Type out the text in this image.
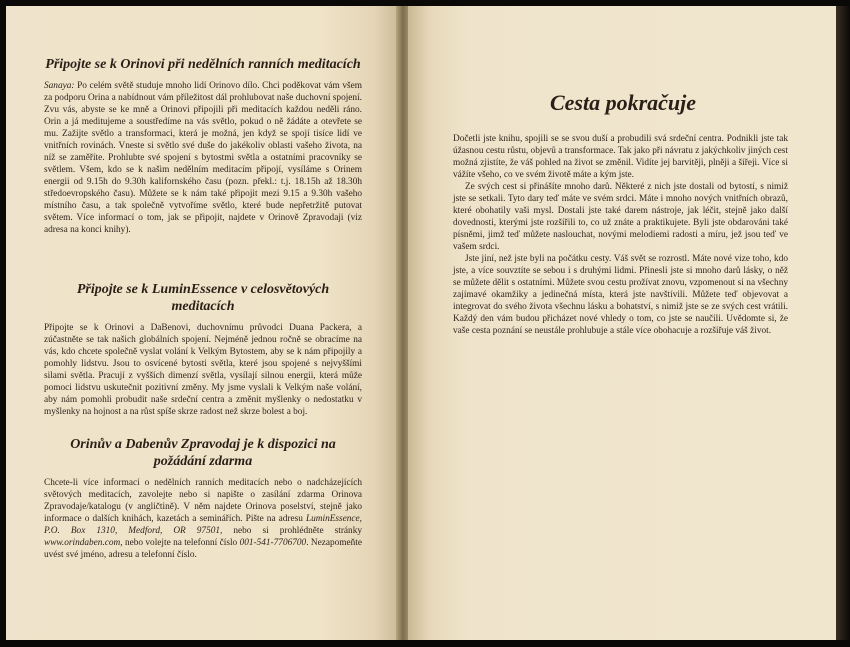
Připojte se k Orinovi při nedělních ranních meditacích

Sanaya: Po celém světě studuje mnoho lidí Orinovo dílo. Chci poděkovat vám všem za podporu Orina a nabídnout vám příležitost dál prohlubovat naše duchovní spojení. Zvu vás, abyste se ke mně a Orinovi připojili při meditacích každou neděli ráno. Orin a já meditujeme a soustředíme na vás světlo, pokud o ně žádáte a otevřete se mu. Zažijte světlo a transformaci, která je možná, jen když se spojí tisíce lidí ve vnitřních rovinách. Vneste si světlo své duše do jakékoliv oblasti vašeho života, na níž se zaměříte. Prohlubte své spojení s bytostmi světla a ostatními pracovníky se světlem. Všem, kdo se k našim nedělním meditacím připojí, vysíláme s Orinem energii od 9.15h do 9.30h kalifornského času (pozn. překl.: t.j. 18.15h až 18.30h středoevropského času). Můžete se k nám také připojit mezi 9.15 a 9.30h vašeho místního času, a tak společně vytvoříme světlo, které bude nepřetržitě putovat světem. Více informací o tom, jak se připojit, najdete v Orinově Zpravodaji (viz adresa na konci knihy).

Připojte se k LuminEssence v celosvětových meditacích

Připojte se k Orinovi a DaBenovi, duchovnímu průvodci Duana Packera, a zúčastněte se tak našich globálních spojení. Nejméně jednou ročně se obracíme na vás, kdo chcete společně vyslat volání k Velkým Bytostem, aby se k nám připojily a pomohly lidstvu. Jsou to osvícené bytosti světla, které jsou spojené s nejvyššími silami světla. Pracují z vyšších dimenzí světla, vysílají silnou energii, která může pomoci lidstvu uskutečnit pozitivní změny. My jsme vyslali k Velkým naše volání, aby nám pomohli probudit naše srdeční centra a změnit myšlenky o nedostatku v myšlenky na hojnost a na růst spíše skrze radost než skrze bolest a boj.

Orinův a Dabenův Zpravodaj je k dispozici na požádání zdarma

Chcete-li více informací o nedělních ranních meditacích nebo o nadcházejících světových meditacích, zavolejte nebo si napište o zasílání zdarma Orinova Zpravodaje/katalogu (v angličtině). V něm najdete Orinova poselství, stejně jako informace o dalších knihách, kazetách a seminářích. Pište na adresu LuminEssence, P.O. Box 1310, Medford, OR 97501, nebo si prohlédněte stránky www.orindaben.com, nebo volejte na telefonní číslo 001-541-7706700. Nezapomeňte uvést své jméno, adresu a telefonní číslo.

Cesta pokračuje

Dočetli jste knihu, spojili se se svou duší a probudili svá srdeční centra. Podnikli jste tak úžasnou cestu růstu, objevů a transformace. Tak jako při návratu z jakýchkoliv jiných cest možná zjistíte, že váš pohled na život se změnil. Vidíte jej barvitěji, plněji a šířeji. Více si vážíte všeho, co ve svém životě máte a kým jste.

Ze svých cest si přinášíte mnoho darů. Některé z nich jste dostali od bytostí, s nimiž jste se setkali. Tyto dary teď máte ve svém srdci. Máte i mnoho nových vnitřních obrazů, které obohatily vaši mysl. Dostali jste také darem nástroje, jak léčit, stejně jako další dovednosti, kterými jste rozšířili to, co už znáte a praktikujete. Byli jste obdarováni také písněmi, jimž teď můžete naslouchat, novými melodiemi radosti a míru, jež jsou teď ve vašem srdci.

Jste jiní, než jste byli na počátku cesty. Váš svět se rozrostl. Máte nové vize toho, kdo jste, a více souvztíte se sebou i s druhými lidmi. Přinesli jste si mnoho darů lásky, o něž se můžete dělit s ostatními. Můžete svou cestu prožívat znovu, vzpomenout si na všechny zajímavé okamžiky a jedinečná místa, která jste navštívili. Můžete teď objevovat a integrovat do svého života všechnu lásku a bohatství, s nimiž jste se ze svých cest vrátili. Každý den vám budou přicházet nové vhledy o tom, co jste se naučili. Uvědomte si, že vaše cesta poznání se neustále prohlubuje a stále více obohacuje a rozšiřuje váš život.
